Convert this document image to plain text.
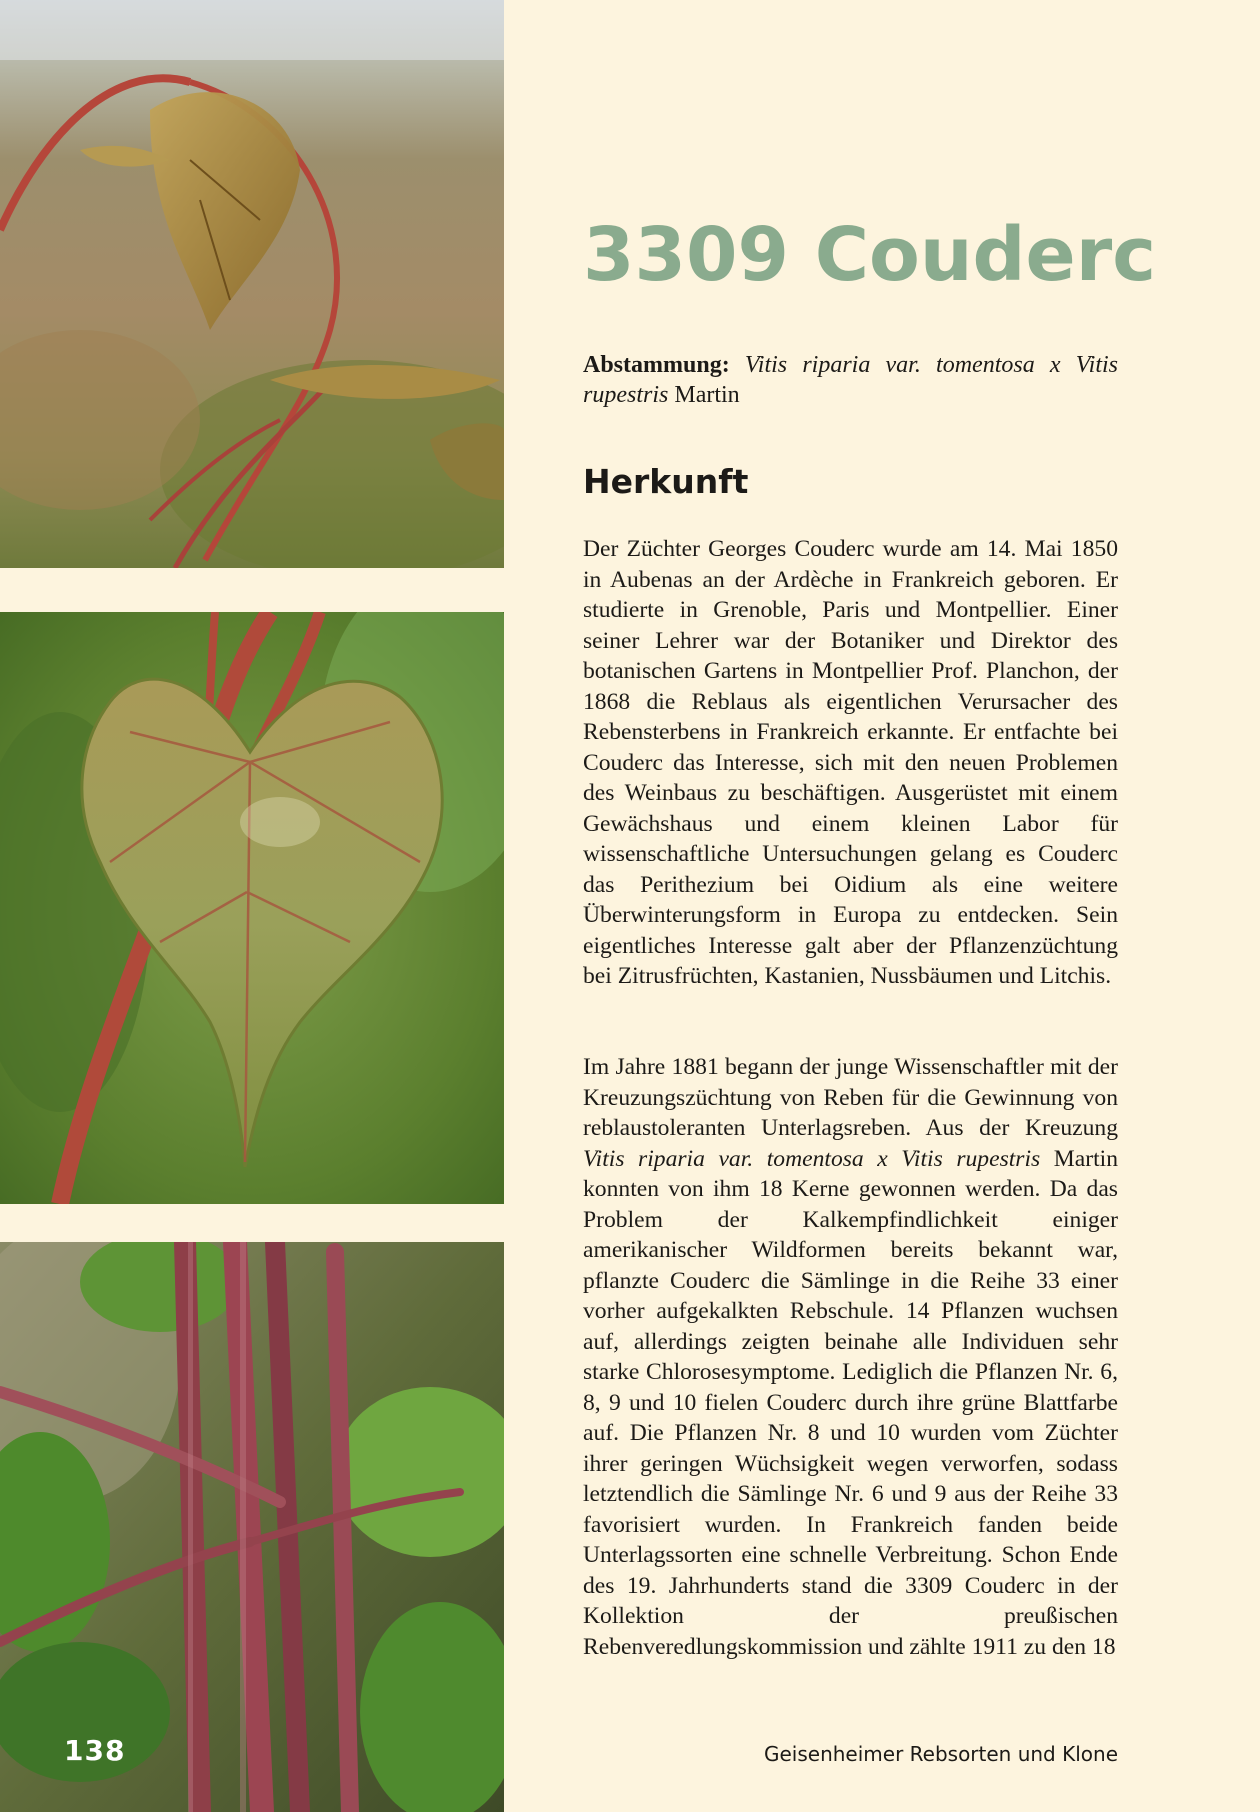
138
3309 Couderc

Abstammung: Vitis riparia var. tomentosa x Vitis rupestris Martin

Herkunft

Der Züchter Georges Couderc wurde am 14. Mai 1850 in Aubenas an der Ardèche in Frankreich geboren. Er studierte in Grenoble, Paris und Montpellier. Einer seiner Lehrer war der Botaniker und Direktor des botanischen Gartens in Montpellier Prof. Planchon, der 1868 die Reblaus als eigentlichen Verursacher des Rebensterbens in Frankreich erkannte. Er entfachte bei Couderc das Interesse, sich mit den neuen Problemen des Weinbaus zu beschäftigen. Ausgerüstet mit einem Gewächshaus und einem kleinen Labor für wissenschaftliche Untersuchungen gelang es Couderc das Perithezium bei Oidium als eine weitere Überwinterungsform in Europa zu entdecken. Sein eigentliches Interesse galt aber der Pflanzenzüchtung bei Zitrusfrüchten, Kastanien, Nussbäumen und Litchis.

Im Jahre 1881 begann der junge Wissenschaftler mit der Kreuzungszüchtung von Reben für die Gewinnung von reblaustoleranten Unterlagsreben. Aus der Kreuzung Vitis riparia var. tomentosa x Vitis rupestris Martin konnten von ihm 18 Kerne gewonnen werden. Da das Problem der Kalkempfindlichkeit einiger amerikanischer Wildformen bereits bekannt war, pflanzte Couderc die Sämlinge in die Reihe 33 einer vorher aufgekalkten Rebschule. 14 Pflanzen wuchsen auf, allerdings zeigten beinahe alle Individuen sehr starke Chlorosesymptome. Lediglich die Pflanzen Nr. 6, 8, 9 und 10 fielen Couderc durch ihre grüne Blattfarbe auf. Die Pflanzen Nr. 8 und 10 wurden vom Züchter ihrer geringen Wüchsigkeit wegen verworfen, sodass letztendlich die Sämlinge Nr. 6 und 9 aus der Reihe 33 favorisiert wurden. In Frankreich fanden beide Unterlagssorten eine schnelle Verbreitung. Schon Ende des 19. Jahrhunderts stand die 3309 Couderc in der Kollektion der preußischen Rebenveredlungskommission und zählte 1911 zu den 18

Geisenheimer Rebsorten und Klone
